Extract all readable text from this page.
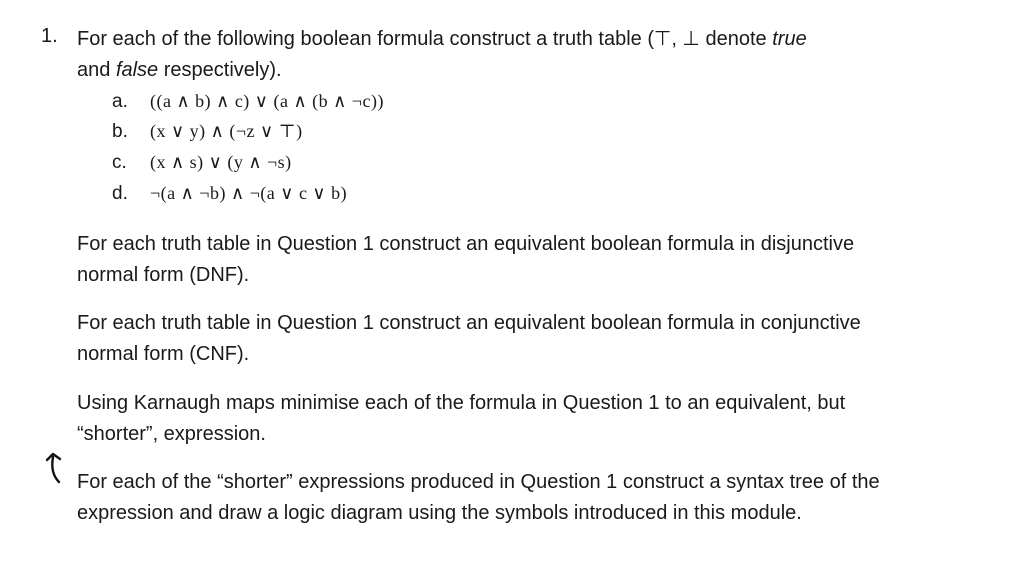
1. For each of the following boolean formula construct a truth table (⊤, ⊥ denote true
and false respectively).
a. ((a ∧ b) ∧ c) ∨ (a ∧ (b ∧ ¬c))
b. (x ∨ y) ∧ (¬z ∨ ⊤)
c. (x ∧ s) ∨ (y ∧ ¬s)
d. ¬(a ∧ ¬b) ∧ ¬(a ∨ c ∨ b)
For each truth table in Question 1 construct an equivalent boolean formula in disjunctive normal form (DNF).
For each truth table in Question 1 construct an equivalent boolean formula in conjunctive normal form (CNF).
Using Karnaugh maps minimise each of the formula in Question 1 to an equivalent, but “shorter”, expression.
For each of the “shorter” expressions produced in Question 1 construct a syntax tree of the expression and draw a logic diagram using the symbols introduced in this module.
